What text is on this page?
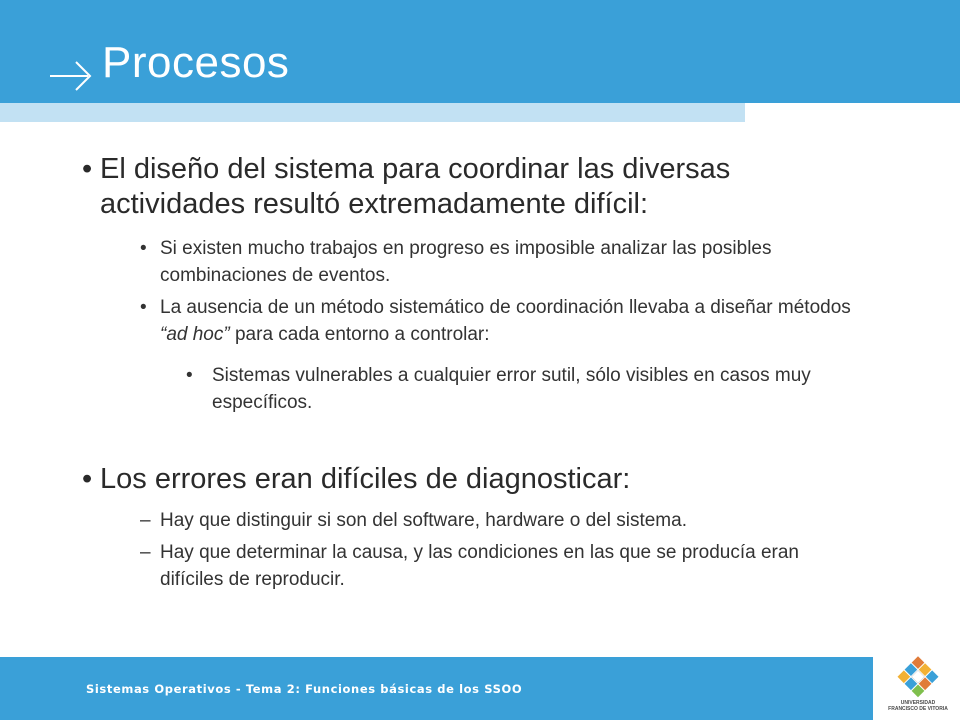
Procesos
• El diseño del sistema para coordinar las diversas actividades resultó extremadamente difícil:
• Si existen mucho trabajos en progreso es imposible analizar las posibles combinaciones de eventos.
• La ausencia de un método sistemático de coordinación llevaba a diseñar métodos “ad hoc” para cada entorno a controlar:
•	Sistemas vulnerables a cualquier error sutil, sólo visibles en casos muy específicos.
• Los errores eran difíciles de diagnosticar:
– Hay que distinguir si son del software, hardware o del sistema.
– Hay que determinar la causa, y las condiciones en las que se producía eran difíciles de reproducir.
Sistemas Operativos - Tema 2: Funciones básicas de los SSOO
UNIVERSIDAD
FRANCISCO DE VITORIA
